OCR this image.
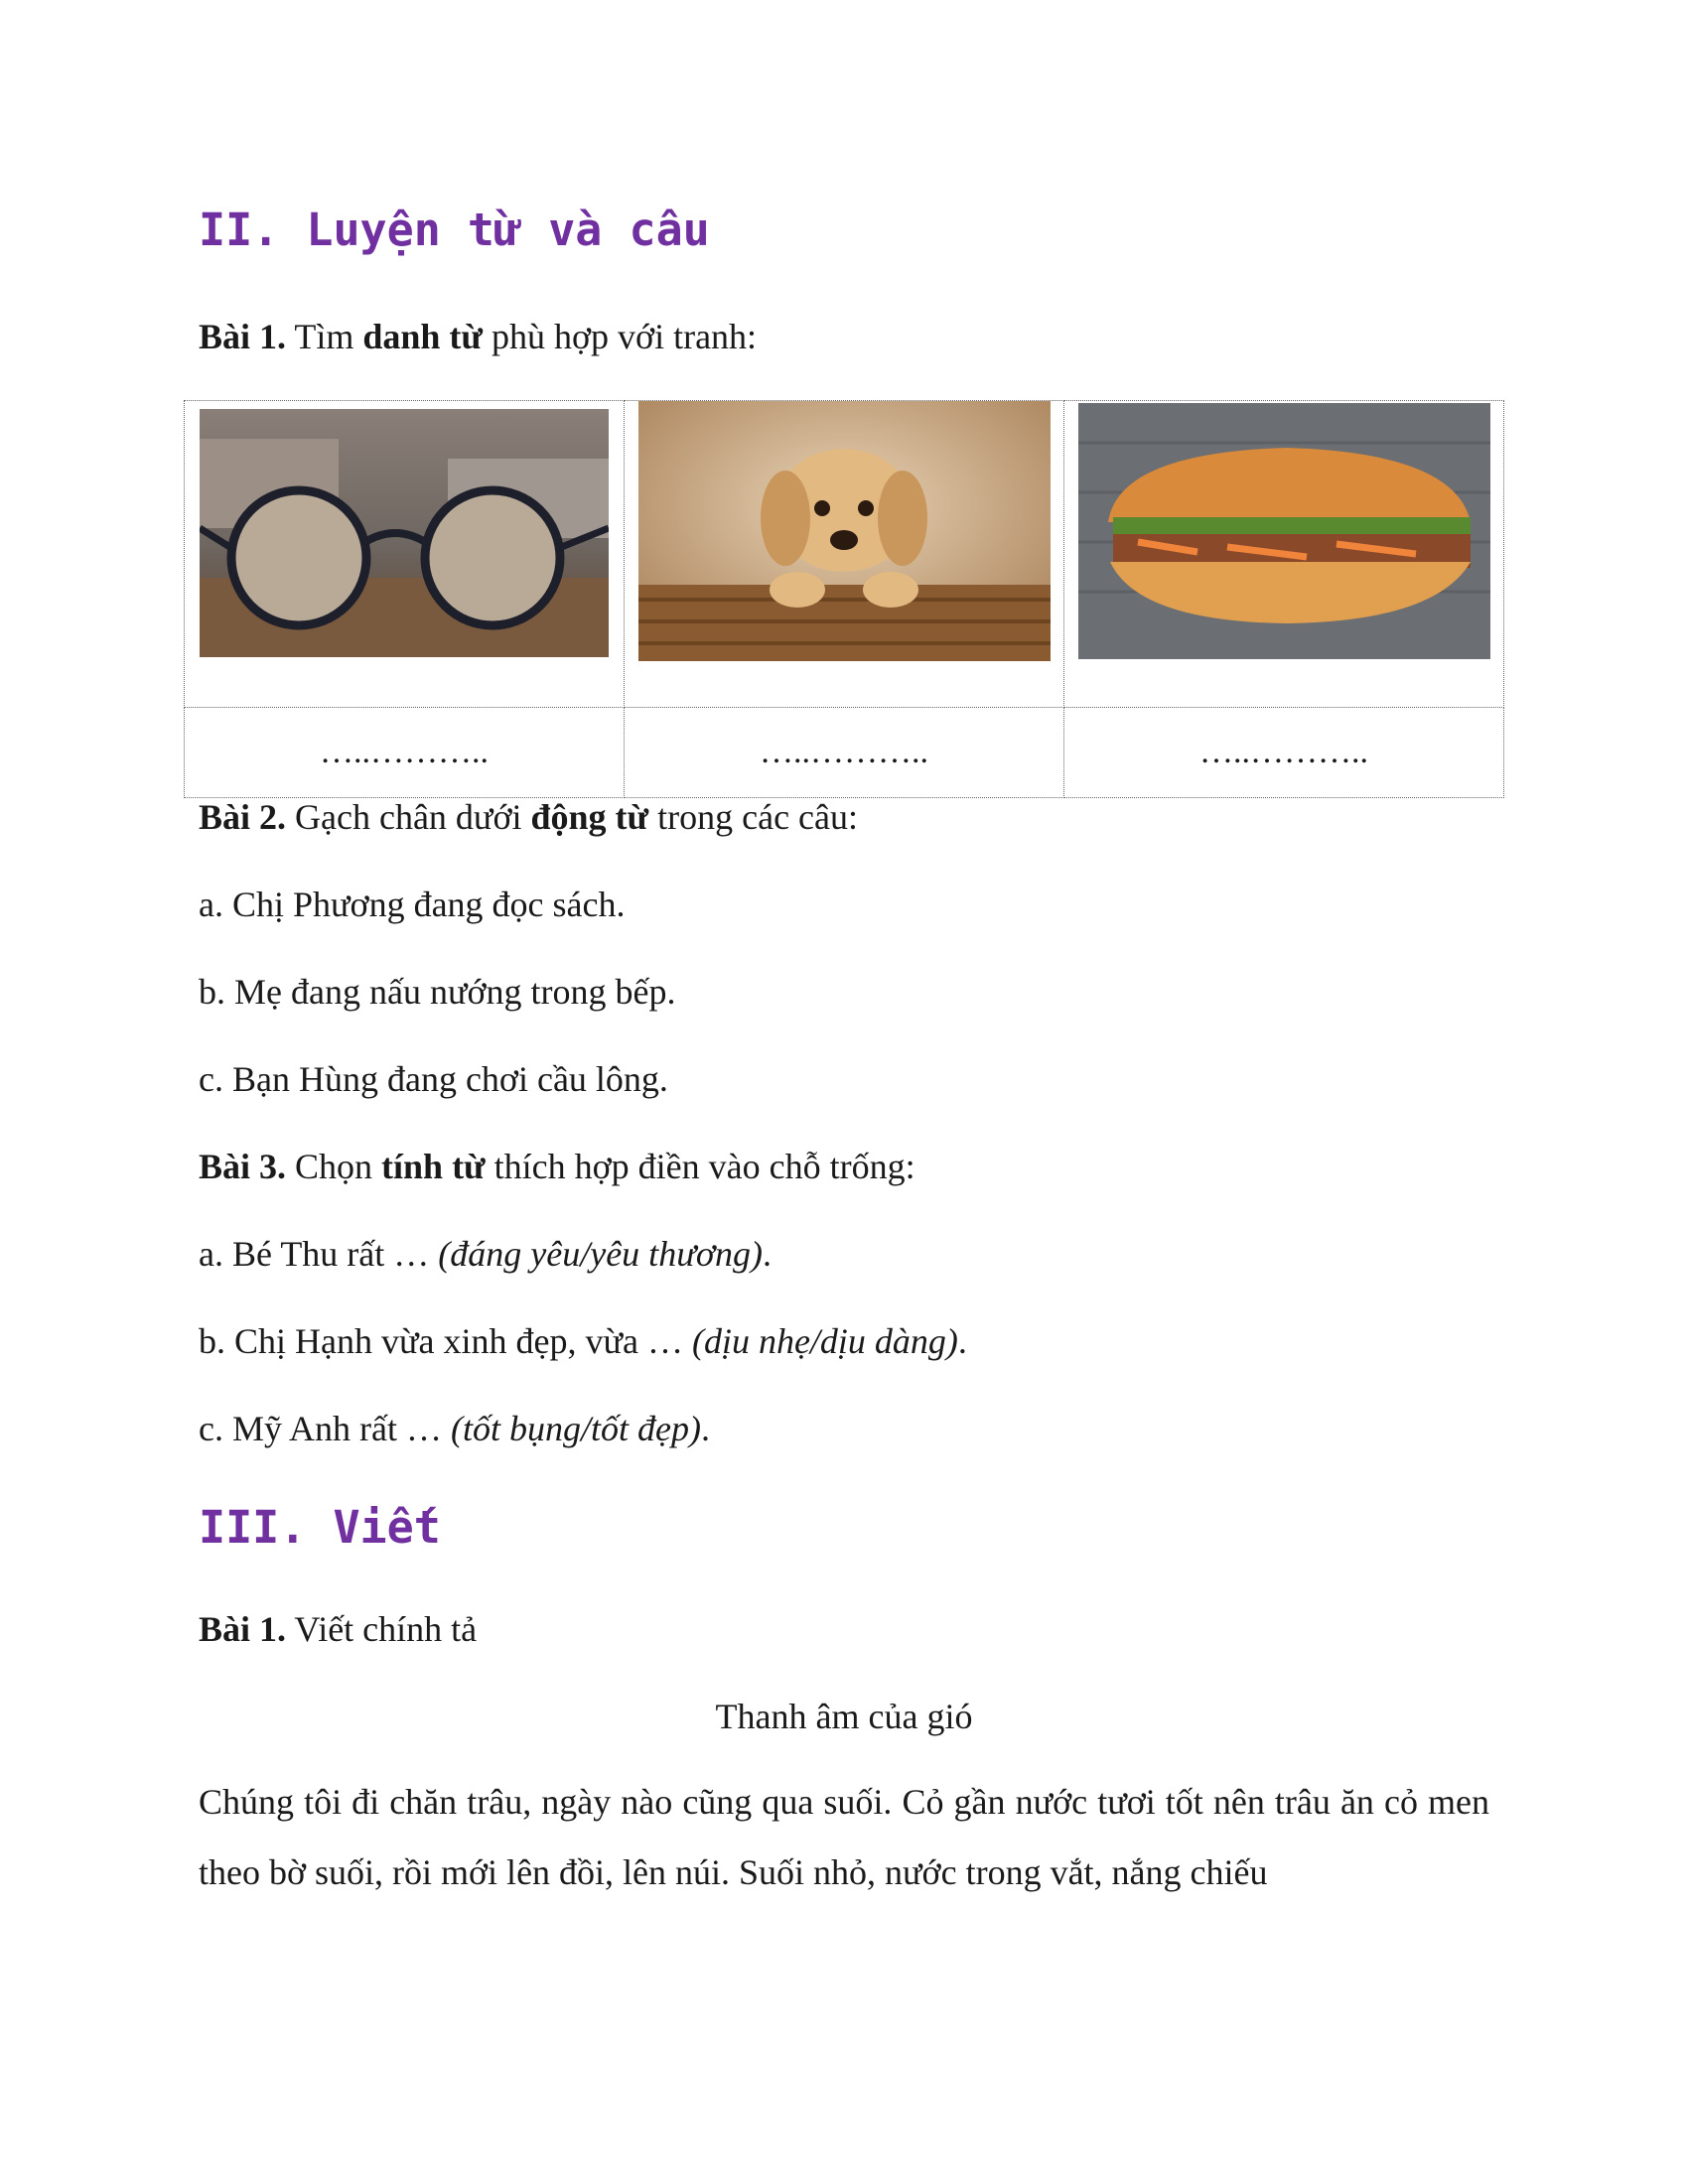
II. Luyện từ và câu

Bài 1. Tìm danh từ phù hợp với tranh:

…..………..	…..………..	…..………..

Bài 2. Gạch chân dưới động từ trong các câu:

a. Chị Phương đang đọc sách.

b. Mẹ đang nấu nướng trong bếp.

c. Bạn Hùng đang chơi cầu lông.

Bài 3. Chọn tính từ thích hợp điền vào chỗ trống:

a. Bé Thu rất … (đáng yêu/yêu thương).

b. Chị Hạnh vừa xinh đẹp, vừa … (dịu nhẹ/dịu dàng).

c. Mỹ Anh rất … (tốt bụng/tốt đẹp).

III. Viết

Bài 1. Viết chính tả

Thanh âm của gió

Chúng tôi đi chăn trâu, ngày nào cũng qua suối. Cỏ gần nước tươi tốt nên trâu ăn cỏ men theo bờ suối, rồi mới lên đồi, lên núi. Suối nhỏ, nước trong vắt, nắng chiếu
